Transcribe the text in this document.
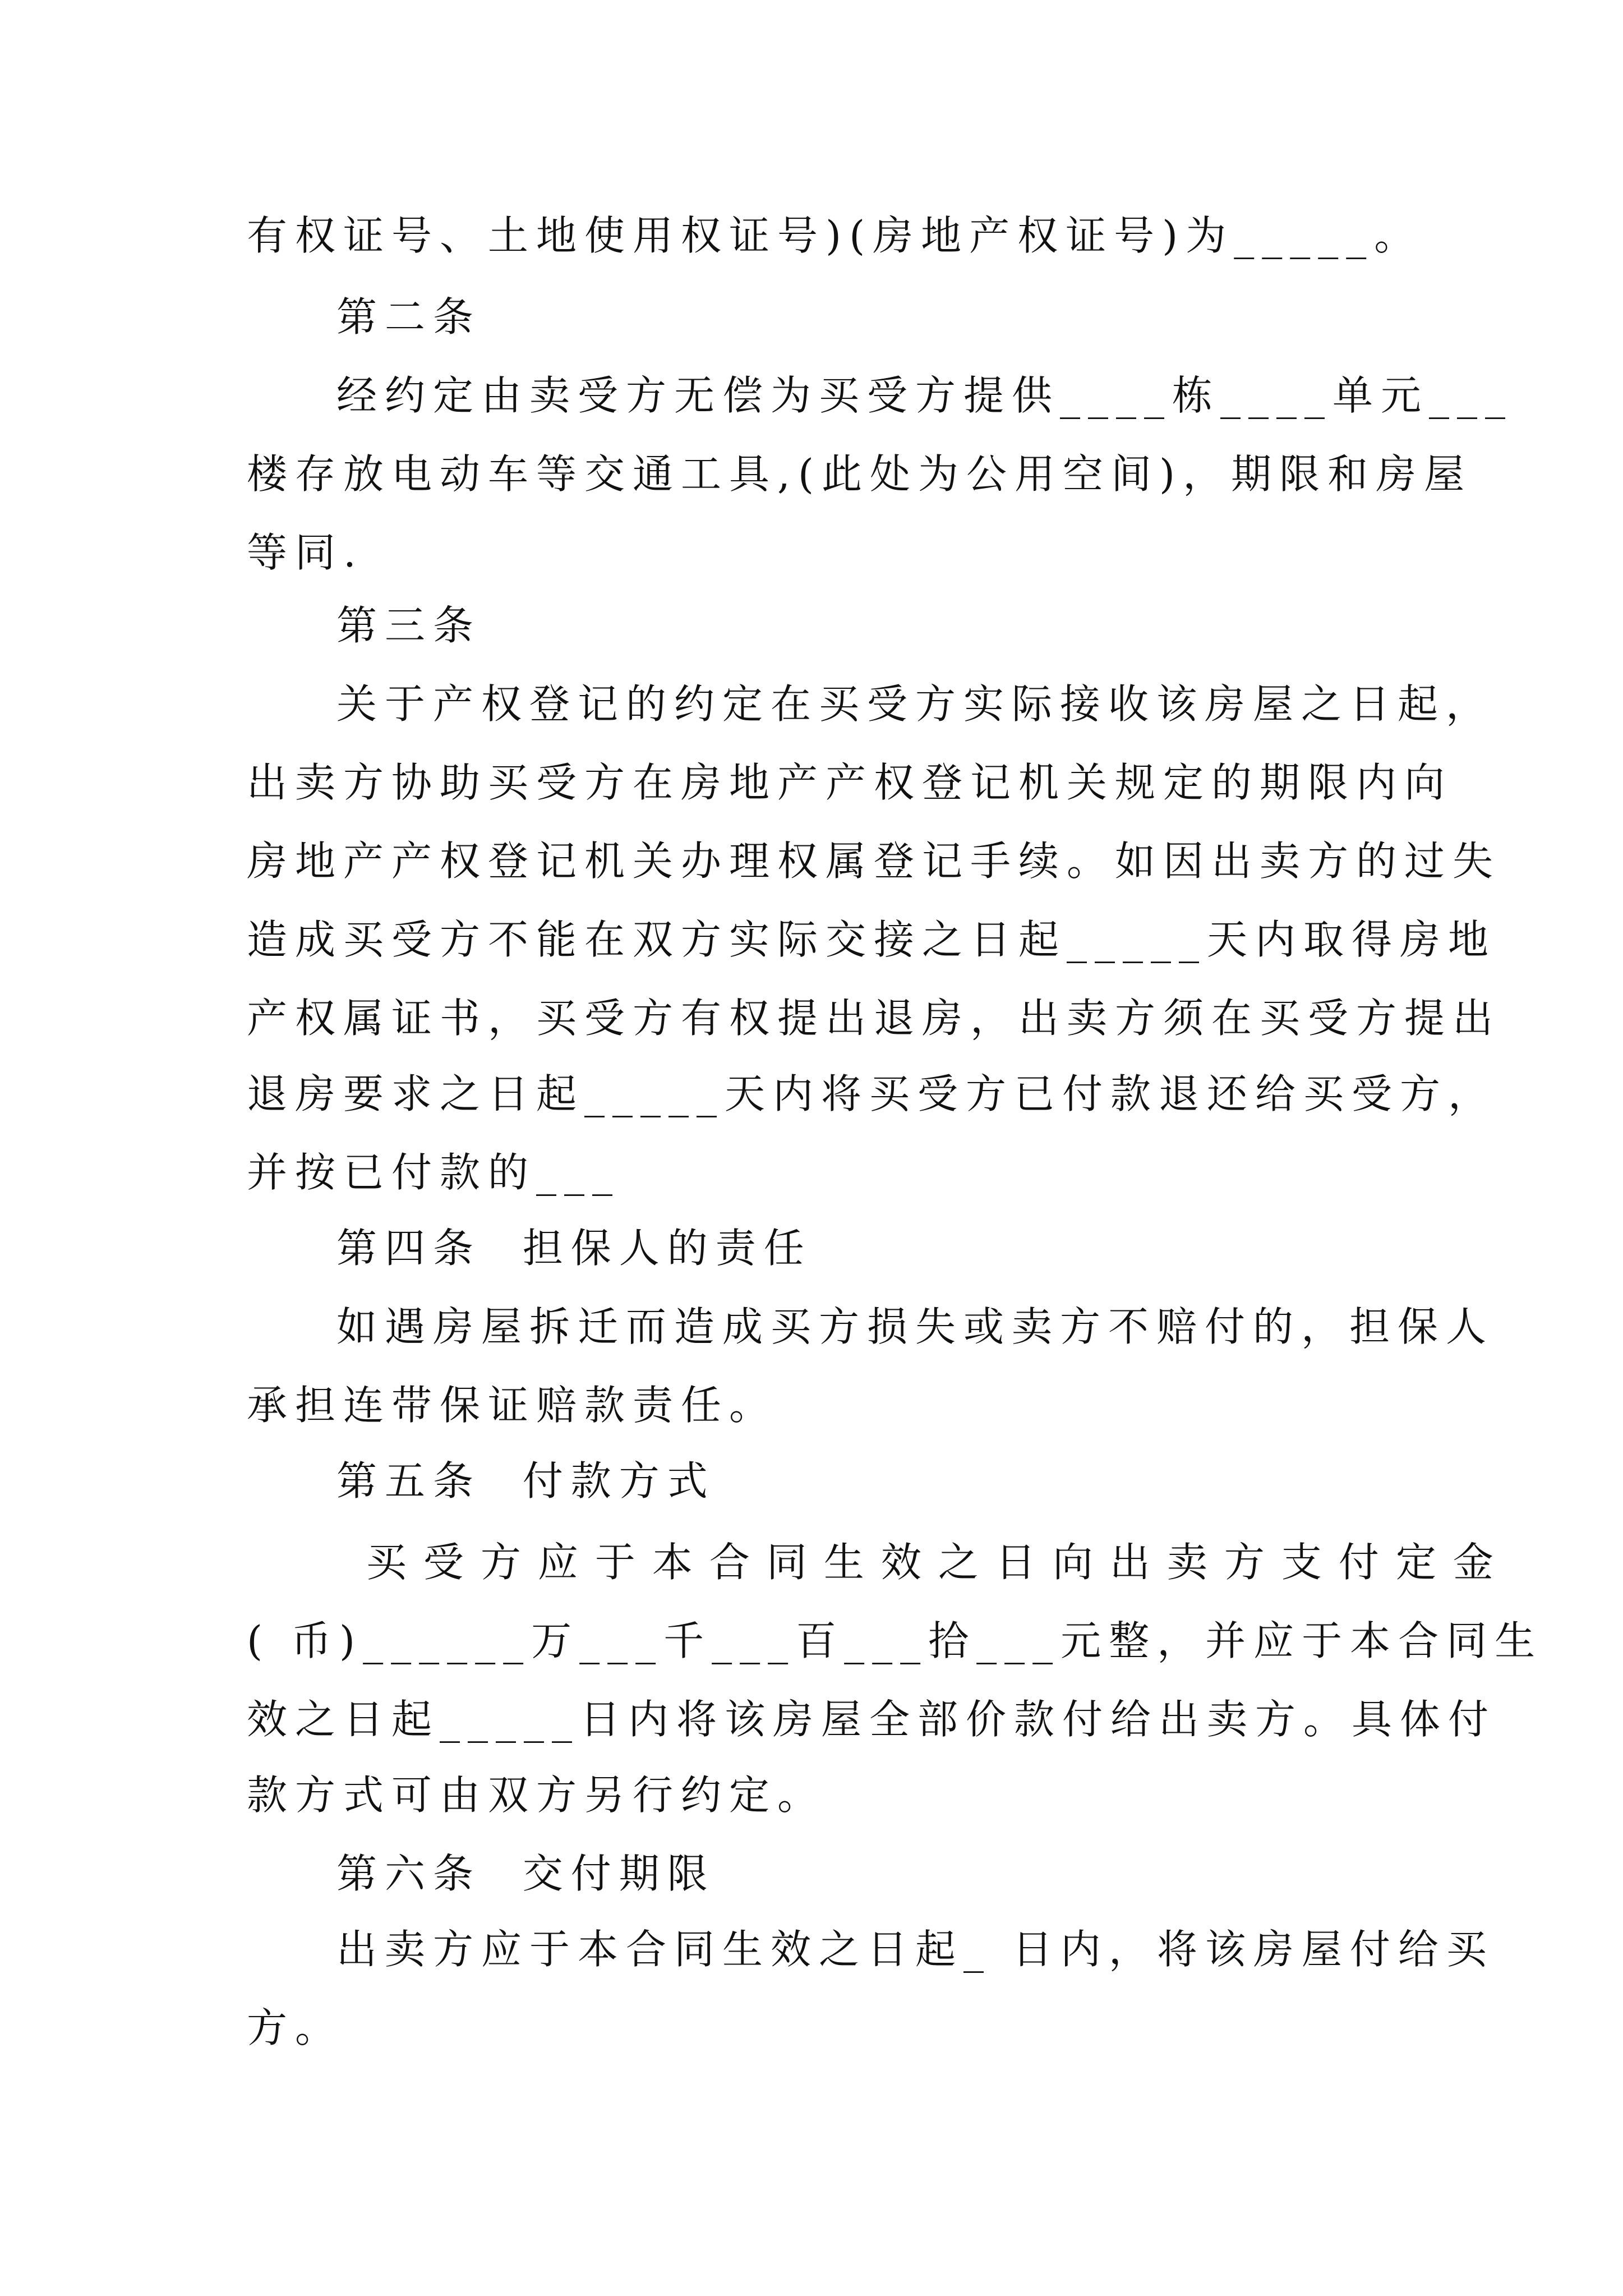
有权证号、土地使用权证号)(房地产权证号)为_____。

第二条

经约定由卖受方无偿为买受方提供____栋____单元___

楼存放电动车等交通工具,(此处为公用空间)，期限和房屋

等同.

第三条

关于产权登记的约定在买受方实际接收该房屋之日起，

出卖方协助买受方在房地产产权登记机关规定的期限内向

房地产产权登记机关办理权属登记手续。如因出卖方的过失

造成买受方不能在双方实际交接之日起_____天内取得房地

产权属证书，买受方有权提出退房，出卖方须在买受方提出

退房要求之日起_____天内将买受方已付款退还给买受方，

并按已付款的___

第四条  担保人的责任

如遇房屋拆迁而造成买方损失或卖方不赔付的，担保人

承担连带保证赔款责任。

第五条  付款方式

买受方应于本合同生效之日向出卖方支付定金

( 币)______万___千___百___拾___元整，并应于本合同生

效之日起_____日内将该房屋全部价款付给出卖方。具体付

款方式可由双方另行约定。

第六条  交付期限

出卖方应于本合同生效之日起_ 日内，将该房屋付给买

方。
